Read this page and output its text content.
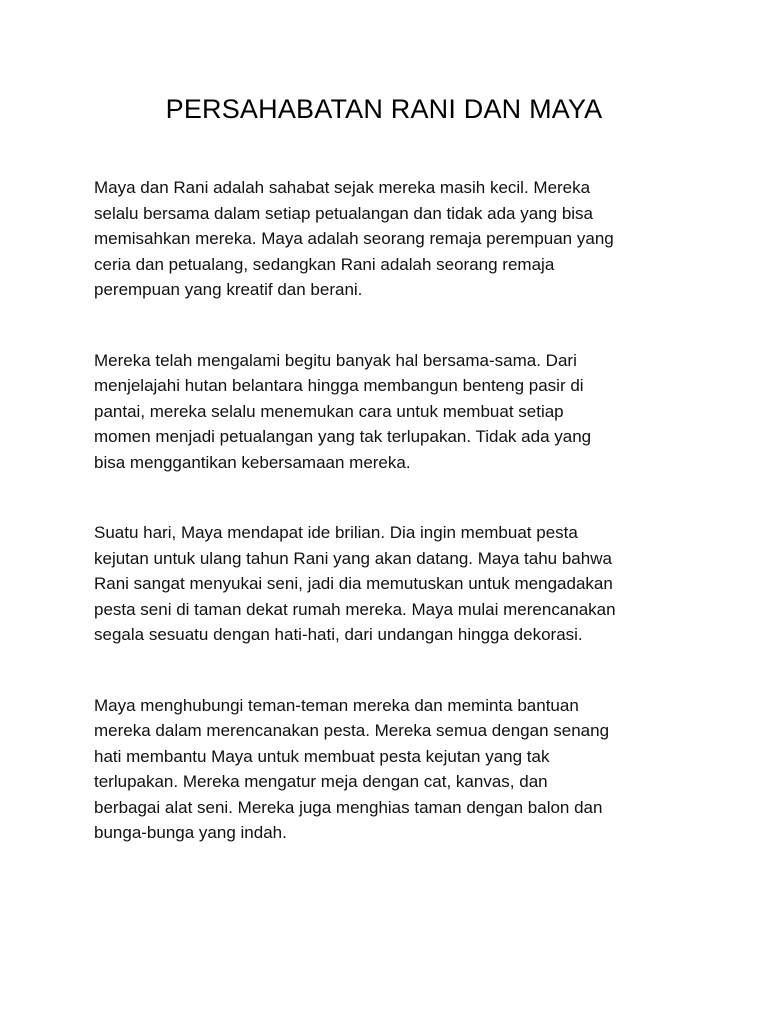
PERSAHABATAN RANI DAN MAYA

Maya dan Rani adalah sahabat sejak mereka masih kecil. Mereka
selalu bersama dalam setiap petualangan dan tidak ada yang bisa
memisahkan mereka. Maya adalah seorang remaja perempuan yang
ceria dan petualang, sedangkan Rani adalah seorang remaja
perempuan yang kreatif dan berani.

Mereka telah mengalami begitu banyak hal bersama-sama. Dari
menjelajahi hutan belantara hingga membangun benteng pasir di
pantai, mereka selalu menemukan cara untuk membuat setiap
momen menjadi petualangan yang tak terlupakan. Tidak ada yang
bisa menggantikan kebersamaan mereka.

Suatu hari, Maya mendapat ide brilian. Dia ingin membuat pesta
kejutan untuk ulang tahun Rani yang akan datang. Maya tahu bahwa
Rani sangat menyukai seni, jadi dia memutuskan untuk mengadakan
pesta seni di taman dekat rumah mereka. Maya mulai merencanakan
segala sesuatu dengan hati-hati, dari undangan hingga dekorasi.

Maya menghubungi teman-teman mereka dan meminta bantuan
mereka dalam merencanakan pesta. Mereka semua dengan senang
hati membantu Maya untuk membuat pesta kejutan yang tak
terlupakan. Mereka mengatur meja dengan cat, kanvas, dan
berbagai alat seni. Mereka juga menghias taman dengan balon dan
bunga-bunga yang indah.
